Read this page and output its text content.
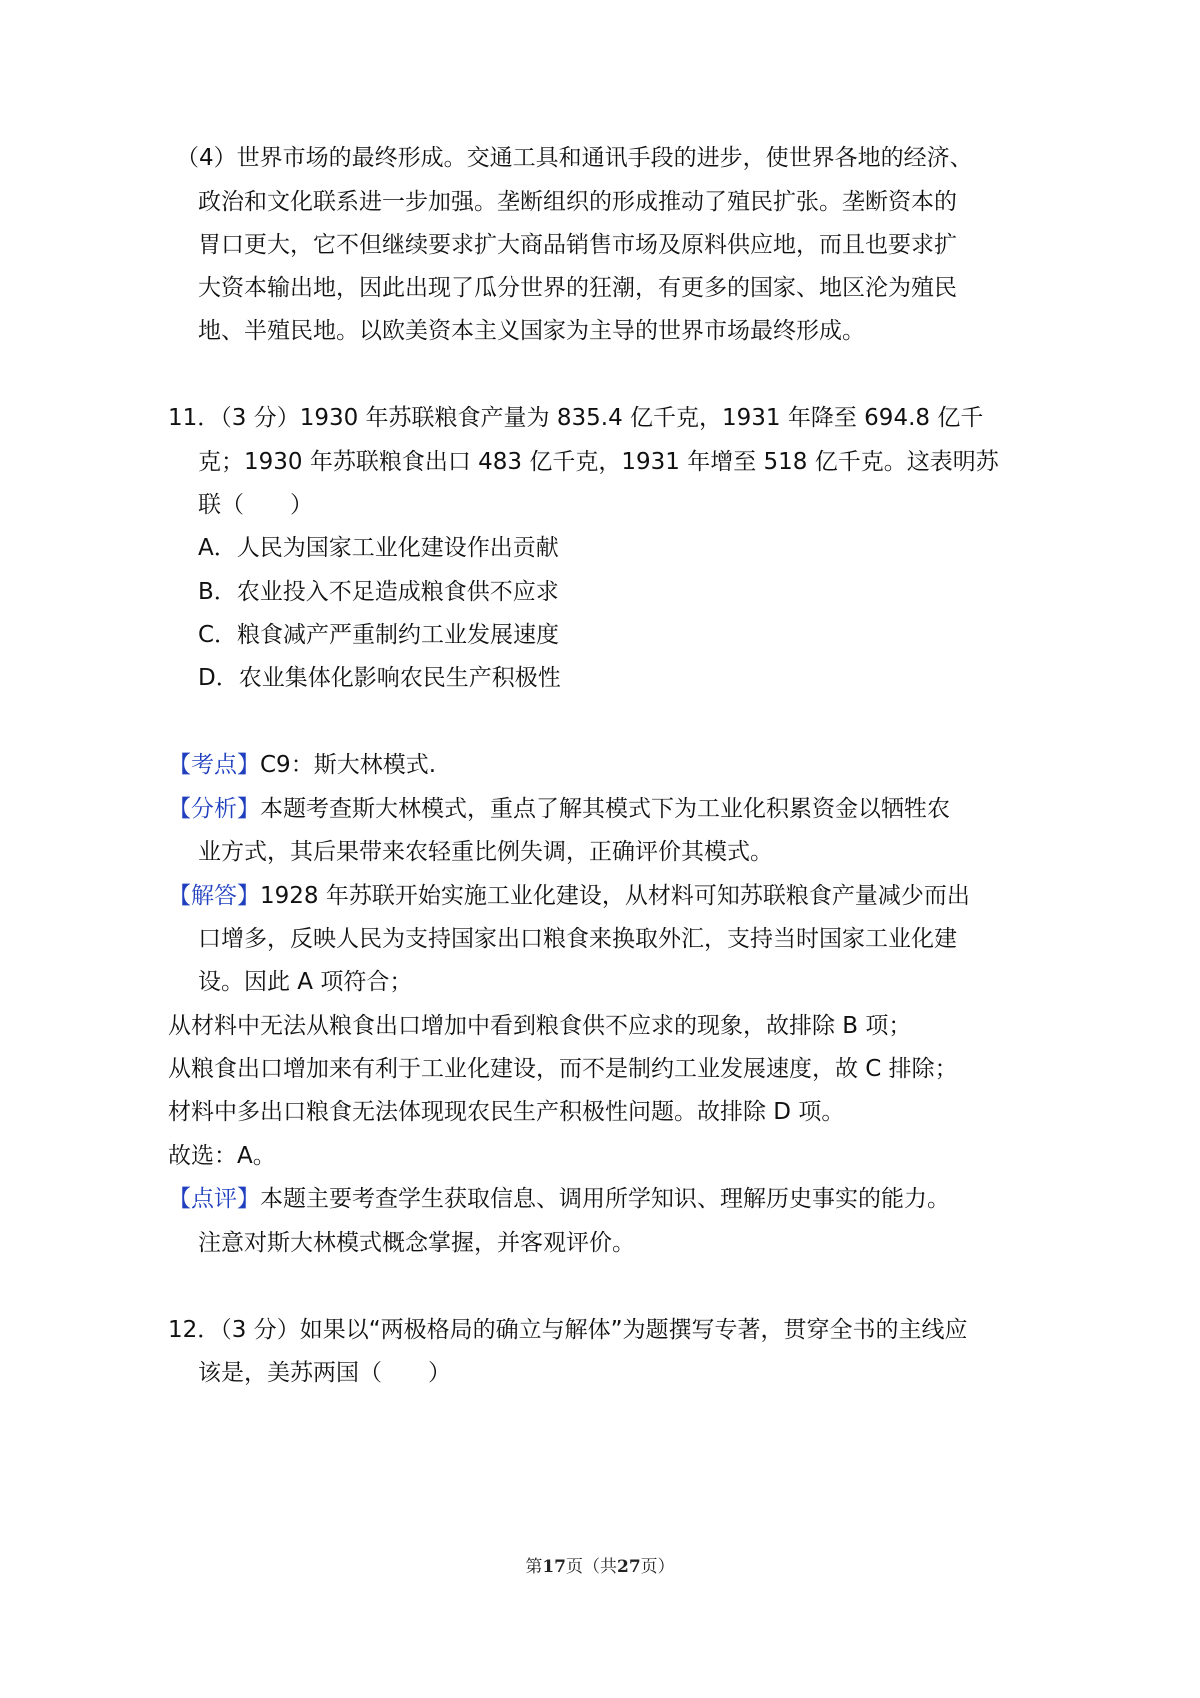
（4）世界市场的最终形成。交通工具和通讯手段的进步，使世界各地的经济、
政治和文化联系进一步加强。垄断组织的形成推动了殖民扩张。垄断资本的
胃口更大，它不但继续要求扩大商品销售市场及原料供应地，而且也要求扩
大资本输出地，因此出现了瓜分世界的狂潮，有更多的国家、地区沦为殖民
地、半殖民地。以欧美资本主义国家为主导的世界市场最终形成。
11．（3 分）1930 年苏联粮食产量为 835.4 亿千克，1931 年降至 694.8 亿千
克；1930 年苏联粮食出口 483 亿千克，1931 年增至 518 亿千克。这表明苏
联（　　）
A．人民为国家工业化建设作出贡献
B．农业投入不足造成粮食供不应求
C．粮食减产严重制约工业发展速度
D．农业集体化影响农民生产积极性
【考点】C9：斯大林模式.
【分析】本题考查斯大林模式，重点了解其模式下为工业化积累资金以牺牲农
业方式，其后果带来农轻重比例失调，正确评价其模式。
【解答】1928 年苏联开始实施工业化建设，从材料可知苏联粮食产量减少而出
口增多，反映人民为支持国家出口粮食来换取外汇，支持当时国家工业化建
设。因此 A 项符合；
从材料中无法从粮食出口增加中看到粮食供不应求的现象，故排除 B 项；
从粮食出口增加来有利于工业化建设，而不是制约工业发展速度，故 C 排除；
材料中多出口粮食无法体现现农民生产积极性问题。故排除 D 项。
故选：A。
【点评】本题主要考查学生获取信息、调用所学知识、理解历史事实的能力。
注意对斯大林模式概念掌握，并客观评价。
12．（3 分）如果以“两极格局的确立与解体”为题撰写专著，贯穿全书的主线应
该是，美苏两国（　　）
第17页（共27页）
